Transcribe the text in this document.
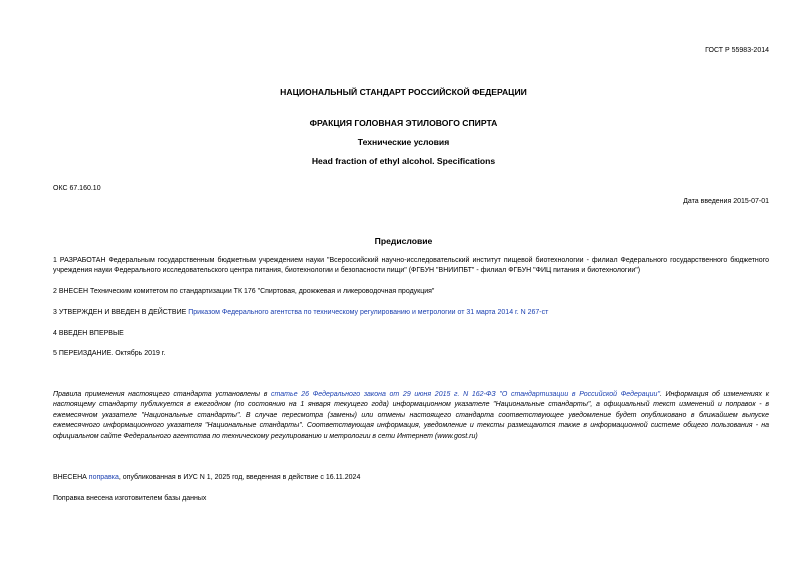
ГОСТ Р 55983-2014
НАЦИОНАЛЬНЫЙ СТАНДАРТ РОССИЙСКОЙ ФЕДЕРАЦИИ
ФРАКЦИЯ ГОЛОВНАЯ ЭТИЛОВОГО СПИРТА
Технические условия
Head fraction of ethyl alcohol. Specifications
ОКС 67.160.10
Дата введения 2015-07-01
Предисловие
1 РАЗРАБОТАН Федеральным государственным бюджетным учреждением науки "Всероссийский научно-исследовательский институт пищевой биотехнологии - филиал Федерального государственного бюджетного учреждения науки Федерального исследовательского центра питания, биотехнологии и безопасности пищи" (ФГБУН "ВНИИПБТ" - филиал ФГБУН "ФИЦ питания и биотехнологии")
2 ВНЕСЕН Техническим комитетом по стандартизации ТК 176 "Спиртовая, дрожжевая и ликероводочная продукция"
3 УТВЕРЖДЕН И ВВЕДЕН В ДЕЙСТВИЕ Приказом Федерального агентства по техническому регулированию и метрологии от 31 марта 2014 г. N 267-ст
4 ВВЕДЕН ВПЕРВЫЕ
5 ПЕРЕИЗДАНИЕ. Октябрь 2019 г.
Правила применения настоящего стандарта установлены в статье 26 Федерального закона от 29 июня 2015 г. N 162-ФЗ "О стандартизации в Российской Федерации". Информация об изменениях к настоящему стандарту публикуется в ежегодном (по состоянию на 1 января текущего года) информационном указателе "Национальные стандарты", а официальный текст изменений и поправок - в ежемесячном указателе "Национальные стандарты". В случае пересмотра (замены) или отмены настоящего стандарта соответствующее уведомление будет опубликовано в ближайшем выпуске ежемесячного информационного указателя "Национальные стандарты". Соответствующая информация, уведомление и тексты размещаются также в информационной системе общего пользования - на официальном сайте Федерального агентства по техническому регулированию и метрологии в сети Интернет (www.gost.ru)
ВНЕСЕНА поправка, опубликованная в ИУС N 1, 2025 год, введенная в действие с 16.11.2024
Поправка внесена изготовителем базы данных
